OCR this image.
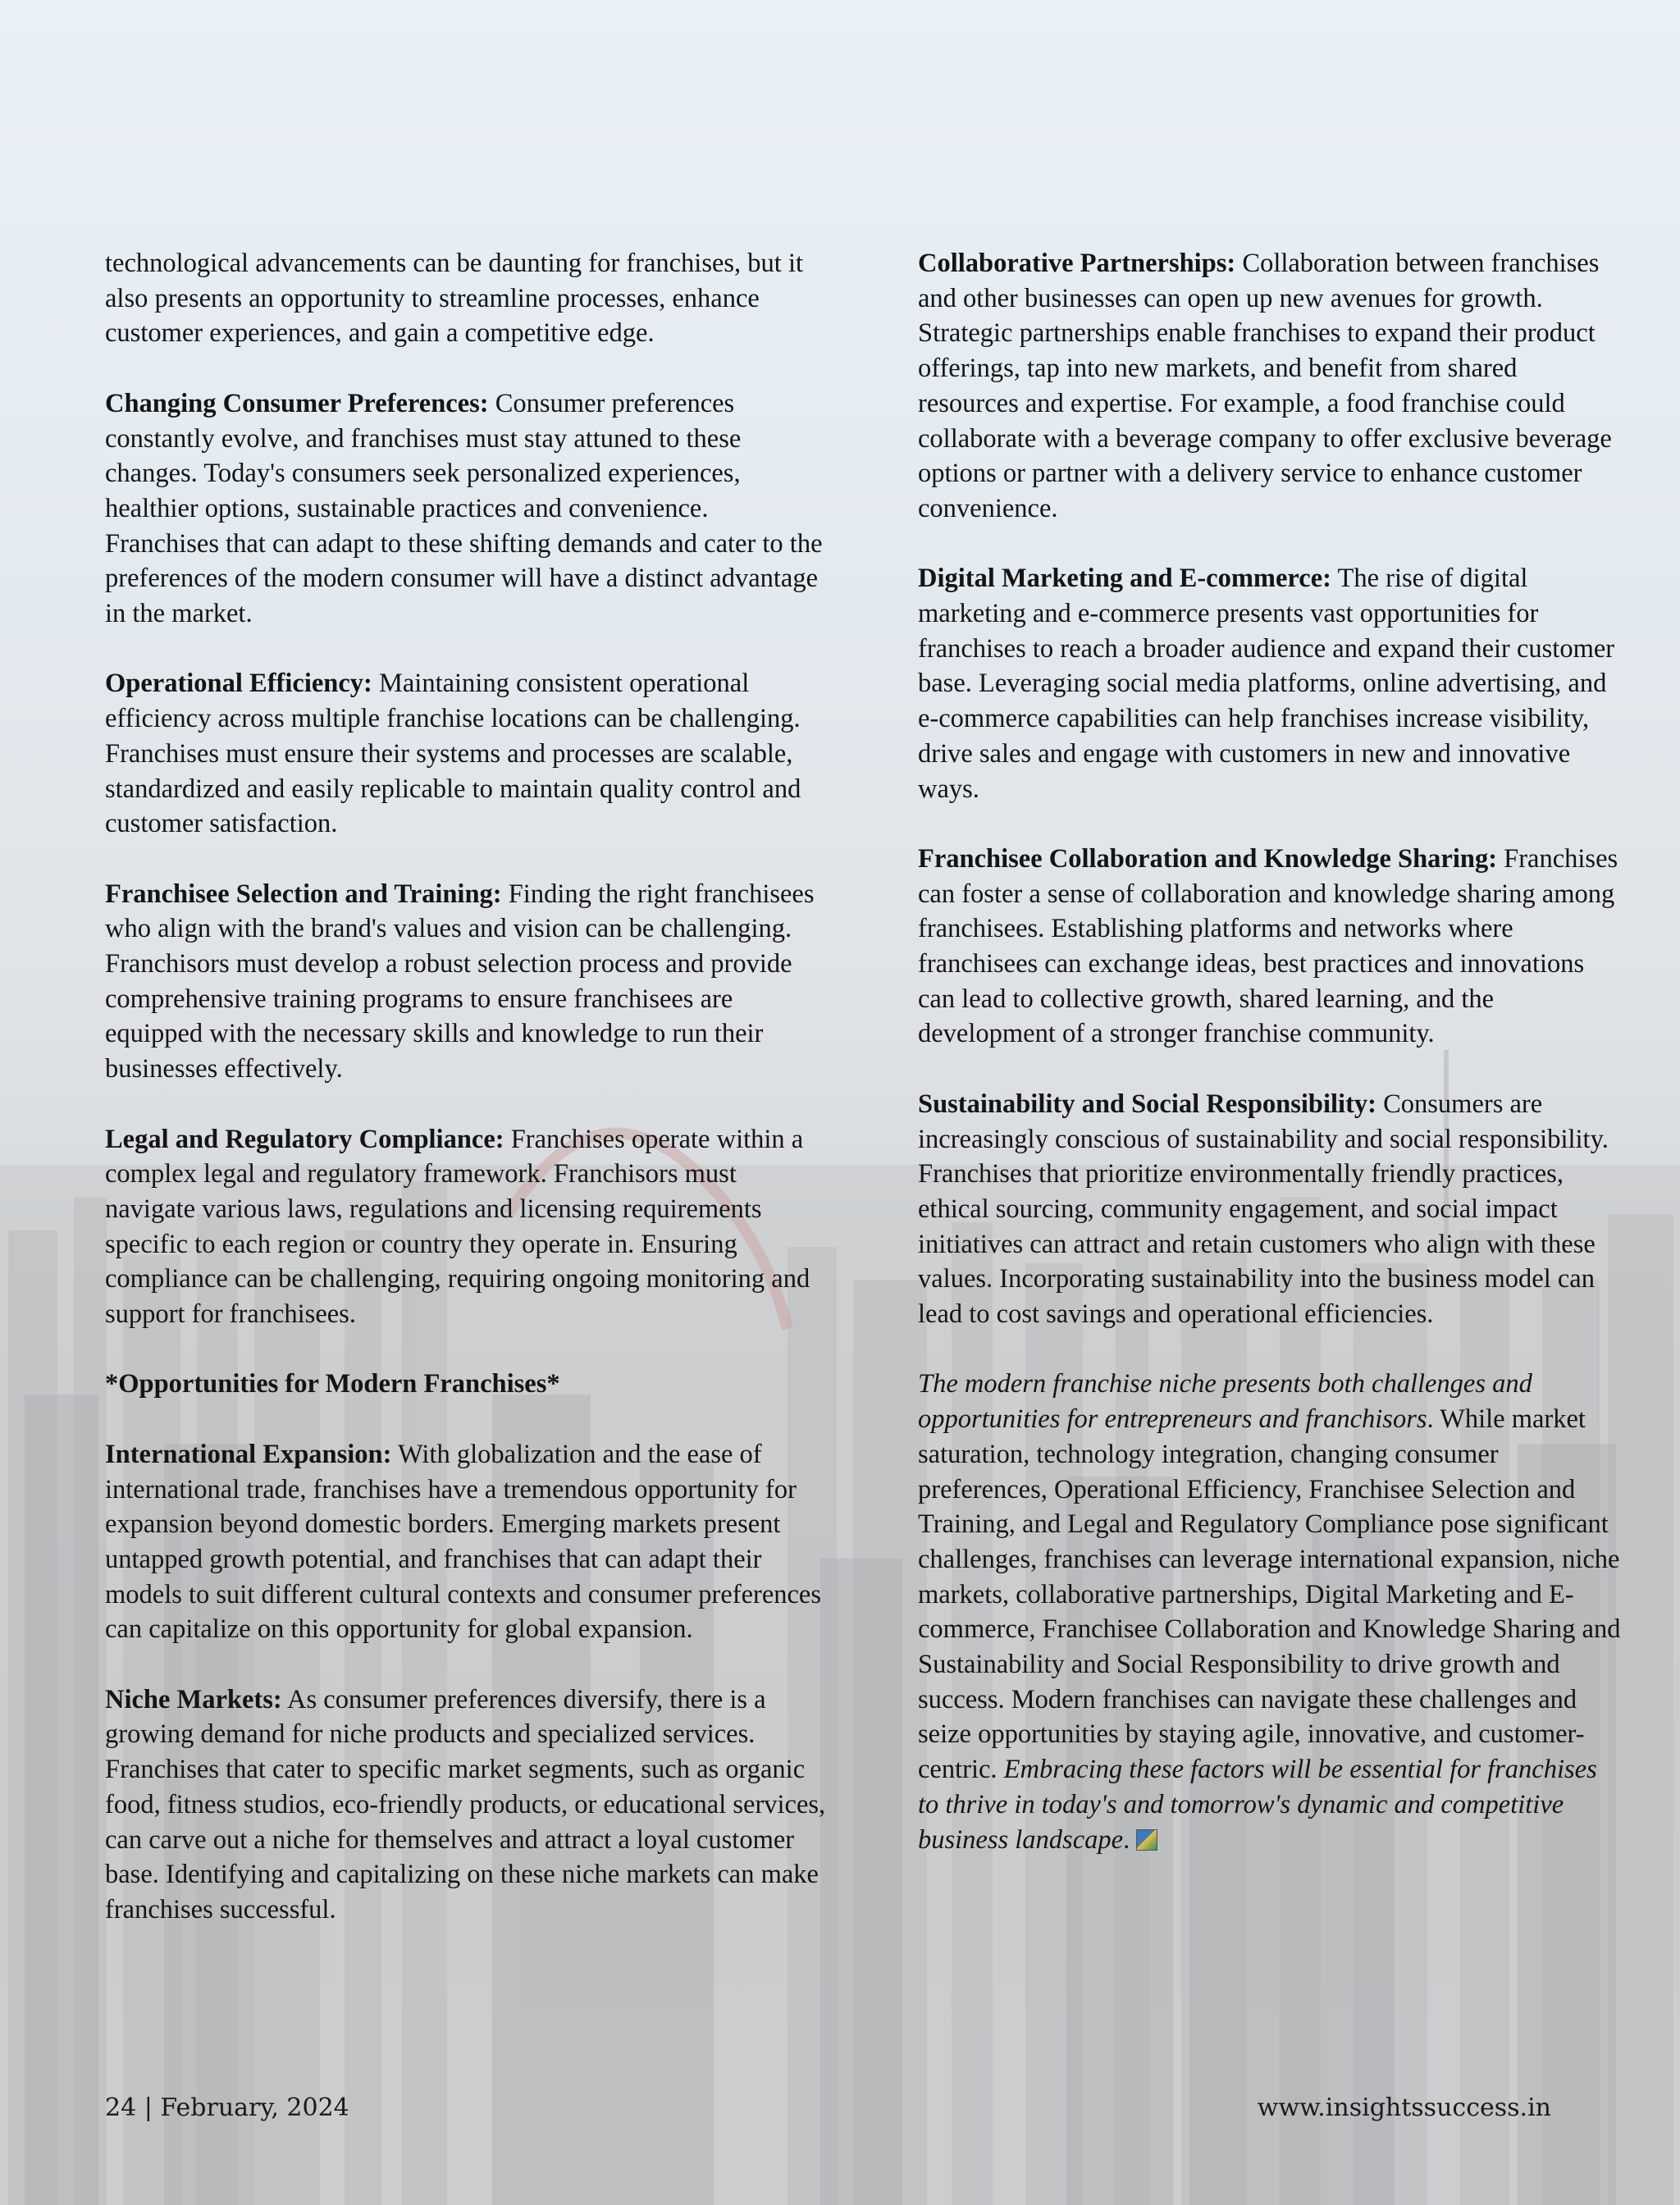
technological advancements can be daunting for franchises, but it also presents an opportunity to streamline processes, enhance customer experiences, and gain a competitive edge.

Changing Consumer Preferences: Consumer preferences constantly evolve, and franchises must stay attuned to these changes. Today's consumers seek personalized experiences, healthier options, sustainable practices and convenience. Franchises that can adapt to these shifting demands and cater to the preferences of the modern consumer will have a distinct advantage in the market.

Operational Efficiency: Maintaining consistent operational efficiency across multiple franchise locations can be challenging. Franchises must ensure their systems and processes are scalable, standardized and easily replicable to maintain quality control and customer satisfaction.

Franchisee Selection and Training: Finding the right franchisees who align with the brand's values and vision can be challenging. Franchisors must develop a robust selection process and provide comprehensive training programs to ensure franchisees are equipped with the necessary skills and knowledge to run their businesses effectively.

Legal and Regulatory Compliance: Franchises operate within a complex legal and regulatory framework. Franchisors must navigate various laws, regulations and licensing requirements specific to each region or country they operate in. Ensuring compliance can be challenging, requiring ongoing monitoring and support for franchisees.

*Opportunities for Modern Franchises*

International Expansion: With globalization and the ease of international trade, franchises have a tremendous opportunity for expansion beyond domestic borders. Emerging markets present untapped growth potential, and franchises that can adapt their models to suit different cultural contexts and consumer preferences can capitalize on this opportunity for global expansion.

Niche Markets: As consumer preferences diversify, there is a growing demand for niche products and specialized services. Franchises that cater to specific market segments, such as organic food, fitness studios, eco-friendly products, or educational services, can carve out a niche for themselves and attract a loyal customer base. Identifying and capitalizing on these niche markets can make franchises successful.

Collaborative Partnerships: Collaboration between franchises and other businesses can open up new avenues for growth. Strategic partnerships enable franchises to expand their product offerings, tap into new markets, and benefit from shared resources and expertise. For example, a food franchise could collaborate with a beverage company to offer exclusive beverage options or partner with a delivery service to enhance customer convenience.

Digital Marketing and E-commerce: The rise of digital marketing and e-commerce presents vast opportunities for franchises to reach a broader audience and expand their customer base. Leveraging social media platforms, online advertising, and e-commerce capabilities can help franchises increase visibility, drive sales and engage with customers in new and innovative ways.

Franchisee Collaboration and Knowledge Sharing: Franchises can foster a sense of collaboration and knowledge sharing among franchisees. Establishing platforms and networks where franchisees can exchange ideas, best practices and innovations can lead to collective growth, shared learning, and the development of a stronger franchise community.

Sustainability and Social Responsibility: Consumers are increasingly conscious of sustainability and social responsibility. Franchises that prioritize environmentally friendly practices, ethical sourcing, community engagement, and social impact initiatives can attract and retain customers who align with these values. Incorporating sustainability into the business model can lead to cost savings and operational efficiencies.

The modern franchise niche presents both challenges and opportunities for entrepreneurs and franchisors. While market saturation, technology integration, changing consumer preferences, Operational Efficiency, Franchisee Selection and Training, and Legal and Regulatory Compliance pose significant challenges, franchises can leverage international expansion, niche markets, collaborative partnerships, Digital Marketing and E-commerce, Franchisee Collaboration and Knowledge Sharing and Sustainability and Social Responsibility to drive growth and success. Modern franchises can navigate these challenges and seize opportunities by staying agile, innovative, and customer-centric. Embracing these factors will be essential for franchises to thrive in today's and tomorrow's dynamic and competitive business landscape.

24 | February, 2024	www.insightssuccess.in
